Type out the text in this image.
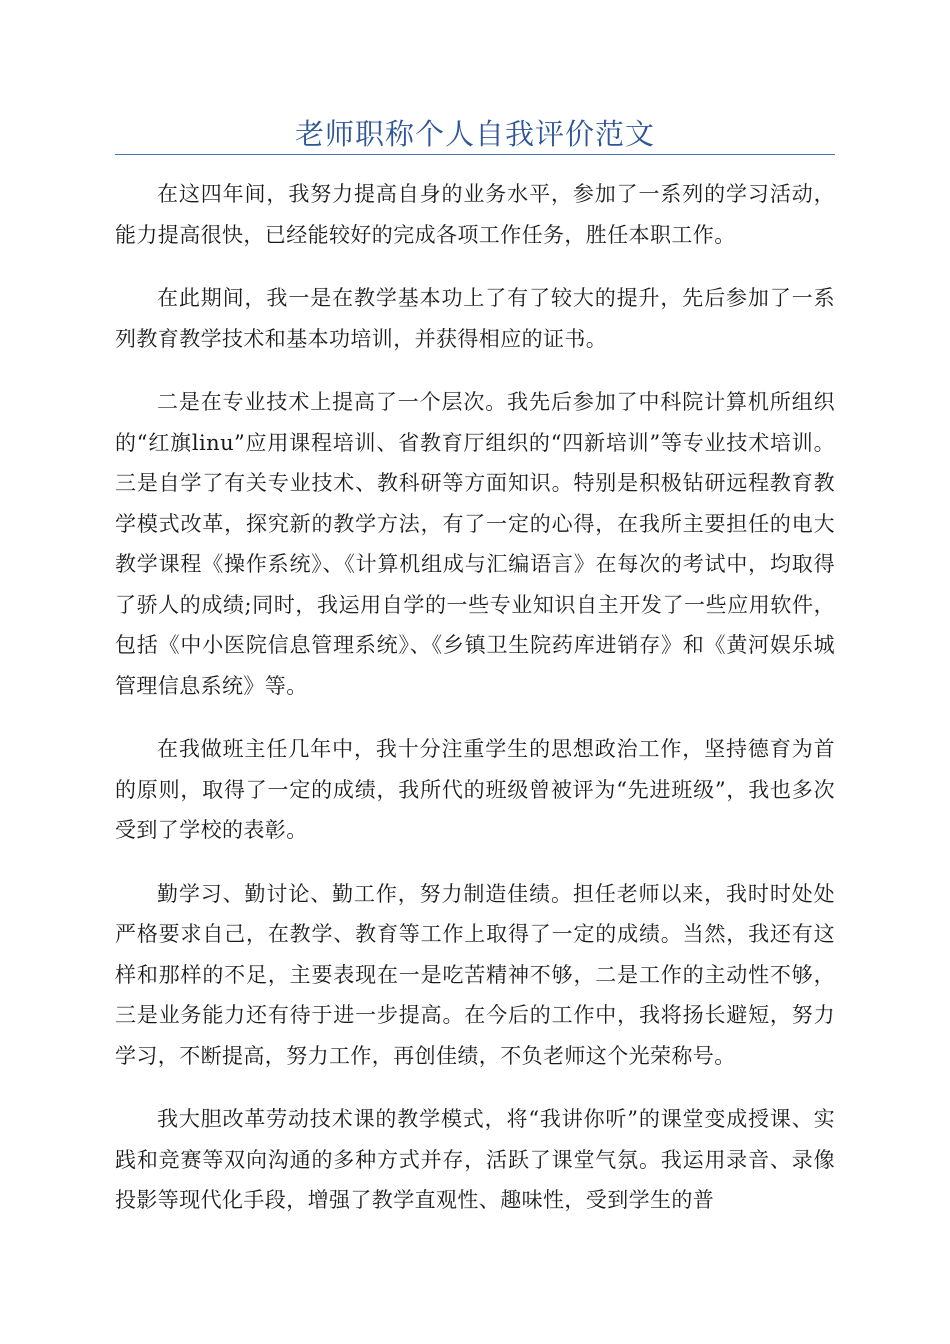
老师职称个人自我评价范文

在这四年间，我努力提高自身的业务水平，参加了一系列的学习活动，能力提高很快，已经能较好的完成各项工作任务，胜任本职工作。

在此期间，我一是在教学基本功上了有了较大的提升，先后参加了一系列教育教学技术和基本功培训，并获得相应的证书。

二是在专业技术上提高了一个层次。我先后参加了中科院计算机所组织的“红旗linu”应用课程培训、省教育厅组织的“四新培训”等专业技术培训。三是自学了有关专业技术、教科研等方面知识。特别是积极钻研远程教育教学模式改革，探究新的教学方法，有了一定的心得，在我所主要担任的电大教学课程《操作系统》、《计算机组成与汇编语言》在每次的考试中，均取得了骄人的成绩;同时，我运用自学的一些专业知识自主开发了一些应用软件，包括《中小医院信息管理系统》、《乡镇卫生院药库进销存》和《黄河娱乐城管理信息系统》等。

在我做班主任几年中，我十分注重学生的思想政治工作，坚持德育为首的原则，取得了一定的成绩，我所代的班级曾被评为“先进班级”，我也多次受到了学校的表彰。

勤学习、勤讨论、勤工作，努力制造佳绩。担任老师以来，我时时处处严格要求自己，在教学、教育等工作上取得了一定的成绩。当然，我还有这样和那样的不足，主要表现在一是吃苦精神不够，二是工作的主动性不够，三是业务能力还有待于进一步提高。在今后的工作中，我将扬长避短，努力学习，不断提高，努力工作，再创佳绩，不负老师这个光荣称号。

我大胆改革劳动技术课的教学模式，将“我讲你听”的课堂变成授课、实践和竞赛等双向沟通的多种方式并存，活跃了课堂气氛。我运用录音、录像投影等现代化手段，增强了教学直观性、趣味性，受到学生的普
